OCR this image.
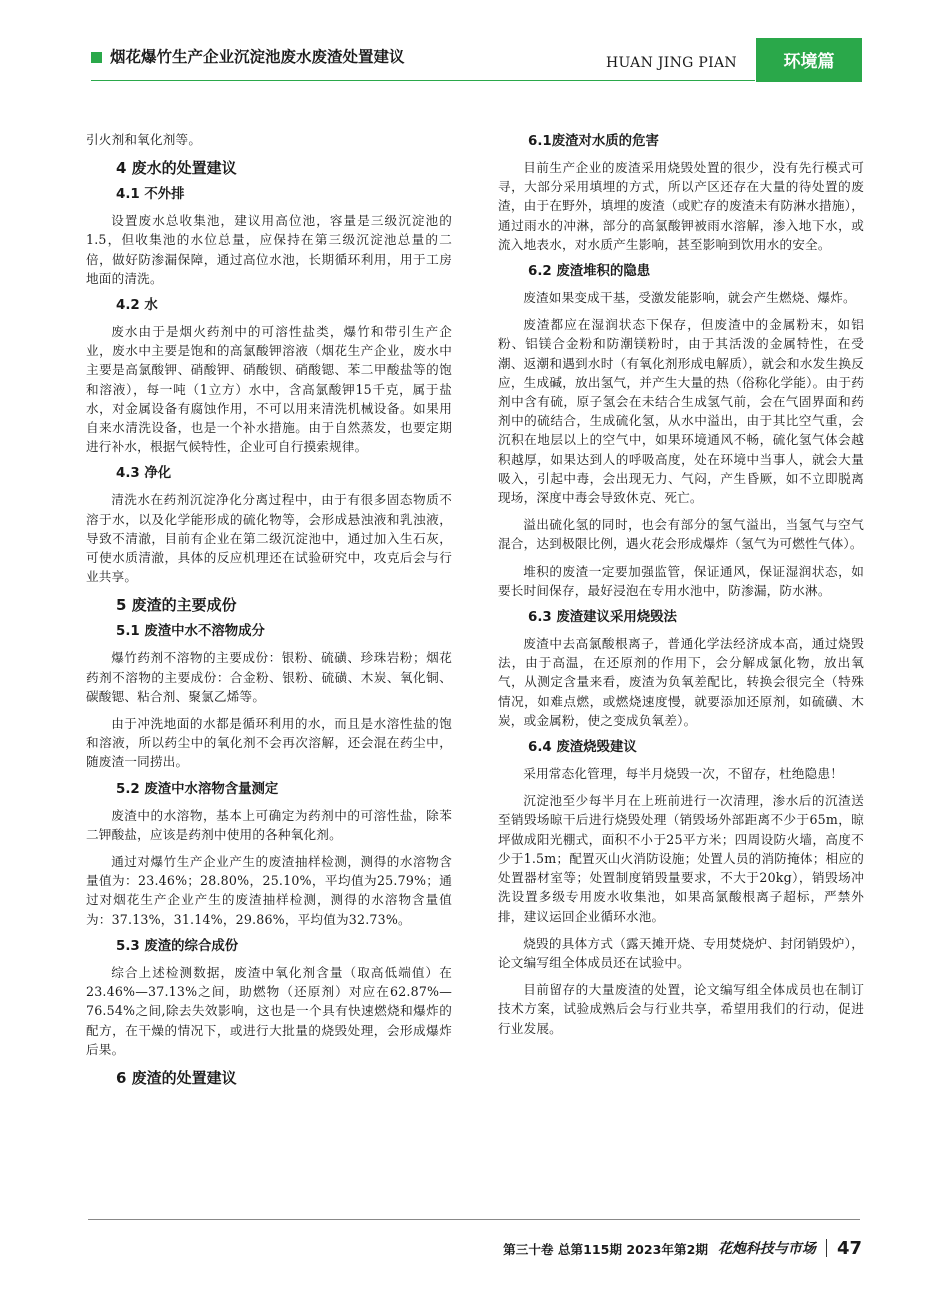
烟花爆竹生产企业沉淀池废水废渣处置建议	HUAN JING PIAN	环境篇

引火剂和氧化剂等。

4 废水的处置建议
4.1 不外排

设置废水总收集池，建议用高位池，容量是三级沉淀池的1.5，但收集池的水位总量，应保持在第三级沉淀池总量的二倍，做好防渗漏保障，通过高位水池，长期循环利用，用于工房地面的清洗。

4.2 水

废水由于是烟火药剂中的可溶性盐类，爆竹和带引生产企业，废水中主要是饱和的高氯酸钾溶液（烟花生产企业，废水中主要是高氯酸钾、硝酸钾、硝酸钡、硝酸锶、苯二甲酸盐等的饱和溶液），每一吨（1立方）水中，含高氯酸钾15千克，属于盐水，对金属设备有腐蚀作用，不可以用来清洗机械设备。如果用自来水清洗设备，也是一个补水措施。由于自然蒸发，也要定期进行补水，根据气候特性，企业可自行摸索规律。

4.3 净化

清洗水在药剂沉淀净化分离过程中，由于有很多固态物质不溶于水，以及化学能形成的硫化物等，会形成悬浊液和乳浊液，导致不清澈，目前有企业在第二级沉淀池中，通过加入生石灰，可使水质清澈，具体的反应机理还在试验研究中，攻克后会与行业共享。

5 废渣的主要成份
5.1 废渣中水不溶物成分

爆竹药剂不溶物的主要成份：银粉、硫磺、珍珠岩粉；烟花药剂不溶物的主要成份：合金粉、银粉、硫磺、木炭、氧化铜、碳酸锶、粘合剂、聚氯乙烯等。

由于冲洗地面的水都是循环利用的水，而且是水溶性盐的饱和溶液，所以药尘中的氧化剂不会再次溶解，还会混在药尘中，随废渣一同捞出。

5.2 废渣中水溶物含量测定

废渣中的水溶物，基本上可确定为药剂中的可溶性盐，除苯二钾酸盐，应该是药剂中使用的各种氧化剂。

通过对爆竹生产企业产生的废渣抽样检测，测得的水溶物含量值为：23.46%；28.80%，25.10%，平均值为25.79%；通过对烟花生产企业产生的废渣抽样检测，测得的水溶物含量值为：37.13%，31.14%，29.86%，平均值为32.73%。

5.3 废渣的综合成份

综合上述检测数据，废渣中氧化剂含量（取高低端值）在23.46%—37.13%之间，助燃物（还原剂）对应在62.87%—76.54%之间,除去失效影响，这也是一个具有快速燃烧和爆炸的配方，在干燥的情况下，或进行大批量的烧毁处理，会形成爆炸后果。

6 废渣的处置建议
6.1废渣对水质的危害

目前生产企业的废渣采用烧毁处置的很少，没有先行模式可寻，大部分采用填埋的方式，所以产区还存在大量的待处置的废渣，由于在野外，填埋的废渣（或贮存的废渣未有防淋水措施），通过雨水的冲淋，部分的高氯酸钾被雨水溶解，渗入地下水，或流入地表水，对水质产生影响，甚至影响到饮用水的安全。

6.2 废渣堆积的隐患

废渣如果变成干基，受激发能影响，就会产生燃烧、爆炸。

废渣都应在湿润状态下保存，但废渣中的金属粉末，如铝粉、铝镁合金粉和防潮镁粉时，由于其活泼的金属特性，在受潮、返潮和遇到水时（有氧化剂形成电解质），就会和水发生换反应，生成碱，放出氢气，并产生大量的热（俗称化学能）。由于药剂中含有硫，原子氢会在未结合生成氢气前，会在气固界面和药剂中的硫结合，生成硫化氢，从水中溢出，由于其比空气重，会沉积在地层以上的空气中，如果环境通风不畅，硫化氢气体会越积越厚，如果达到人的呼吸高度，处在环境中当事人，就会大量吸入，引起中毒，会出现无力、气闷，产生昏厥，如不立即脱离现场，深度中毒会导致休克、死亡。

溢出硫化氢的同时，也会有部分的氢气溢出，当氢气与空气混合，达到极限比例，遇火花会形成爆炸（氢气为可燃性气体）。

堆积的废渣一定要加强监管，保证通风，保证湿润状态，如要长时间保存，最好浸泡在专用水池中，防渗漏，防水淋。

6.3 废渣建议采用烧毁法

废渣中去高氯酸根离子，普通化学法经济成本高，通过烧毁法，由于高温，在还原剂的作用下，会分解成氯化物，放出氧气，从测定含量来看，废渣为负氧差配比，转换会很完全（特殊情况，如难点燃，或燃烧速度慢，就要添加还原剂，如硫磺、木炭，或金属粉，使之变成负氧差）。

6.4 废渣烧毁建议

采用常态化管理，每半月烧毁一次，不留存，杜绝隐患！

沉淀池至少每半月在上班前进行一次清理，渗水后的沉渣送至销毁场晾干后进行烧毁处理（销毁场外部距离不少于65m，晾坪做成阳光棚式，面积不小于25平方米；四周设防火墙，高度不少于1.5m；配置灭山火消防设施；处置人员的消防掩体；相应的处置器材室等；处置制度销毁量要求，不大于20kg），销毁场冲洗设置多级专用废水收集池，如果高氯酸根离子超标，严禁外排，建议运回企业循环水池。

烧毁的具体方式（露天摊开烧、专用焚烧炉、封闭销毁炉），论文编写组全体成员还在试验中。

目前留存的大量废渣的处置，论文编写组全体成员也在制订技术方案，试验成熟后会与行业共享，希望用我们的行动，促进行业发展。

第三十卷 总第115期 2023年第2期 花炮科技与市场 47
